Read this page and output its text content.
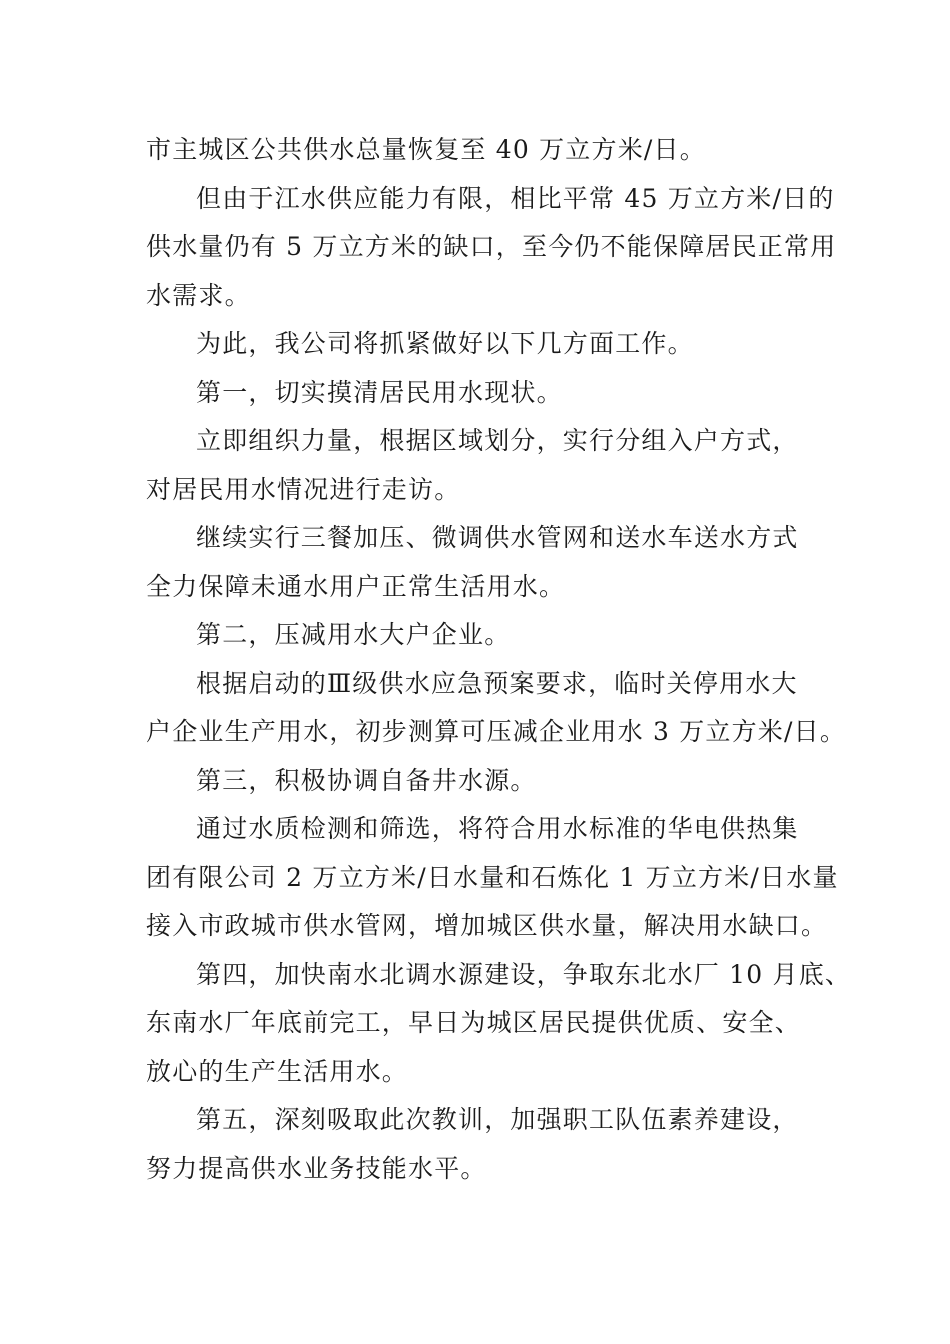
市主城区公共供水总量恢复至 40 万立方米/日。

但由于江水供应能力有限，相比平常 45 万立方米/日的
供水量仍有 5 万立方米的缺口，至今仍不能保障居民正常用
水需求。

为此，我公司将抓紧做好以下几方面工作。

第一，切实摸清居民用水现状。

立即组织力量，根据区域划分，实行分组入户方式，
对居民用水情况进行走访。

继续实行三餐加压、微调供水管网和送水车送水方式
全力保障未通水用户正常生活用水。

第二，压减用水大户企业。

根据启动的Ⅲ级供水应急预案要求，临时关停用水大
户企业生产用水，初步测算可压减企业用水 3 万立方米/日。

第三，积极协调自备井水源。

通过水质检测和筛选，将符合用水标准的华电供热集
团有限公司 2 万立方米/日水量和石炼化 1 万立方米/日水量
接入市政城市供水管网，增加城区供水量，解决用水缺口。

第四，加快南水北调水源建设，争取东北水厂 10 月底、
东南水厂年底前完工，早日为城区居民提供优质、安全、
放心的生产生活用水。

第五，深刻吸取此次教训，加强职工队伍素养建设，
努力提高供水业务技能水平。
